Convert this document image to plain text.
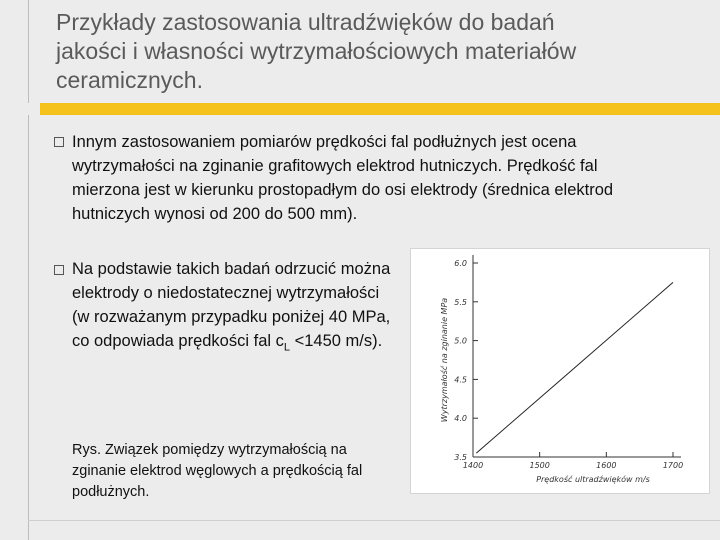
Przykłady zastosowania ultradźwięków do badań
jakości i własności wytrzymałościowych materiałów
ceramicznych.
Innym zastosowaniem pomiarów prędkości fal podłużnych jest ocena wytrzymałości na zginanie grafitowych elektrod hutniczych. Prędkość fal mierzona jest w kierunku prostopadłym do osi elektrody (średnica elektrod hutniczych wynosi od 200 do 500 mm).
Na podstawie takich badań odrzucić można elektrody o niedostatecznej wytrzymałości (w rozważanym przypadku poniżej 40 MPa, co odpowiada prędkości fal $c_L <1450$ m/s).
Rys. Związek pomiędzy wytrzymałością na zginanie elektrod węglowych a prędkością fal podłużnych.
3.5
4.0
4.5
5.0
5.5
6.0
1400	1500	1600	1700
Prędkość ultradźwięków m/s
Wytrzymałość na zginanie MPa
